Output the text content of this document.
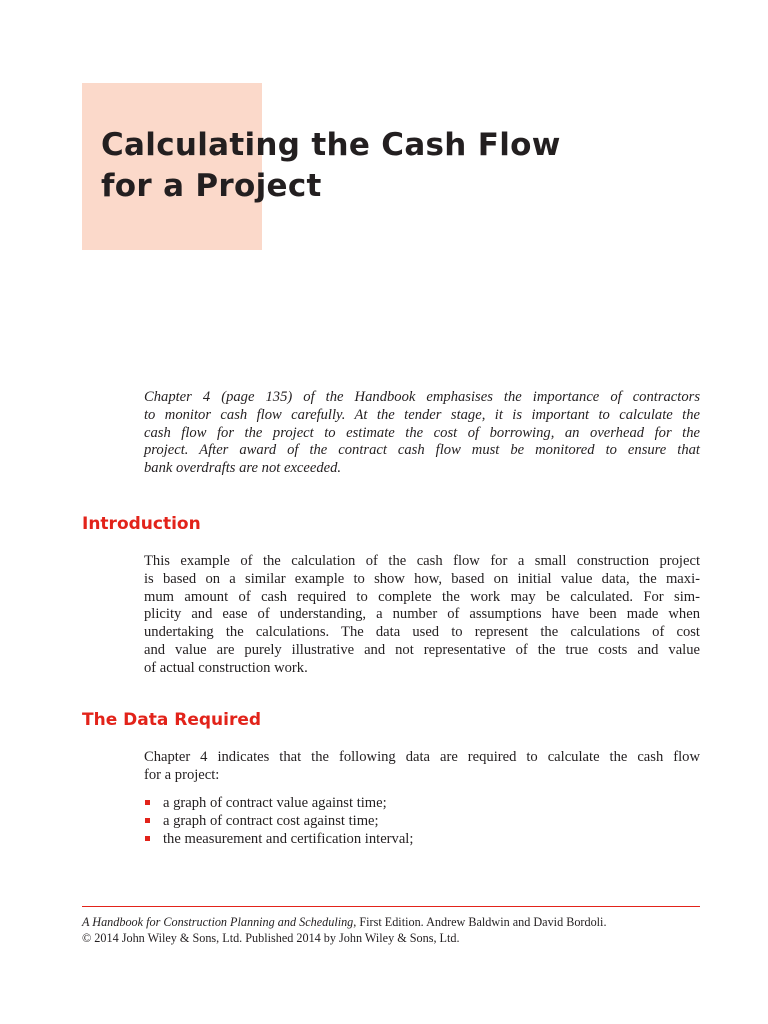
Calculating the Cash Flow
for a Project
Chapter 4 (page 135) of the Handbook emphasises the importance of contractors
to monitor cash flow carefully. At the tender stage, it is important to calculate the
cash flow for the project to estimate the cost of borrowing, an overhead for the
project. After award of the contract cash flow must be monitored to ensure that
bank overdrafts are not exceeded.
Introduction
This example of the calculation of the cash flow for a small construction project
is based on a similar example to show how, based on initial value data, the maxi-
mum amount of cash required to complete the work may be calculated. For sim-
plicity and ease of understanding, a number of assumptions have been made when
undertaking the calculations. The data used to represent the calculations of cost
and value are purely illustrative and not representative of the true costs and value
of actual construction work.
The Data Required
Chapter 4 indicates that the following data are required to calculate the cash flow
for a project:
a graph of contract value against time;
a graph of contract cost against time;
the measurement and certification interval;
A Handbook for Construction Planning and Scheduling, First Edition. Andrew Baldwin and David Bordoli.
© 2014 John Wiley & Sons, Ltd. Published 2014 by John Wiley & Sons, Ltd.
